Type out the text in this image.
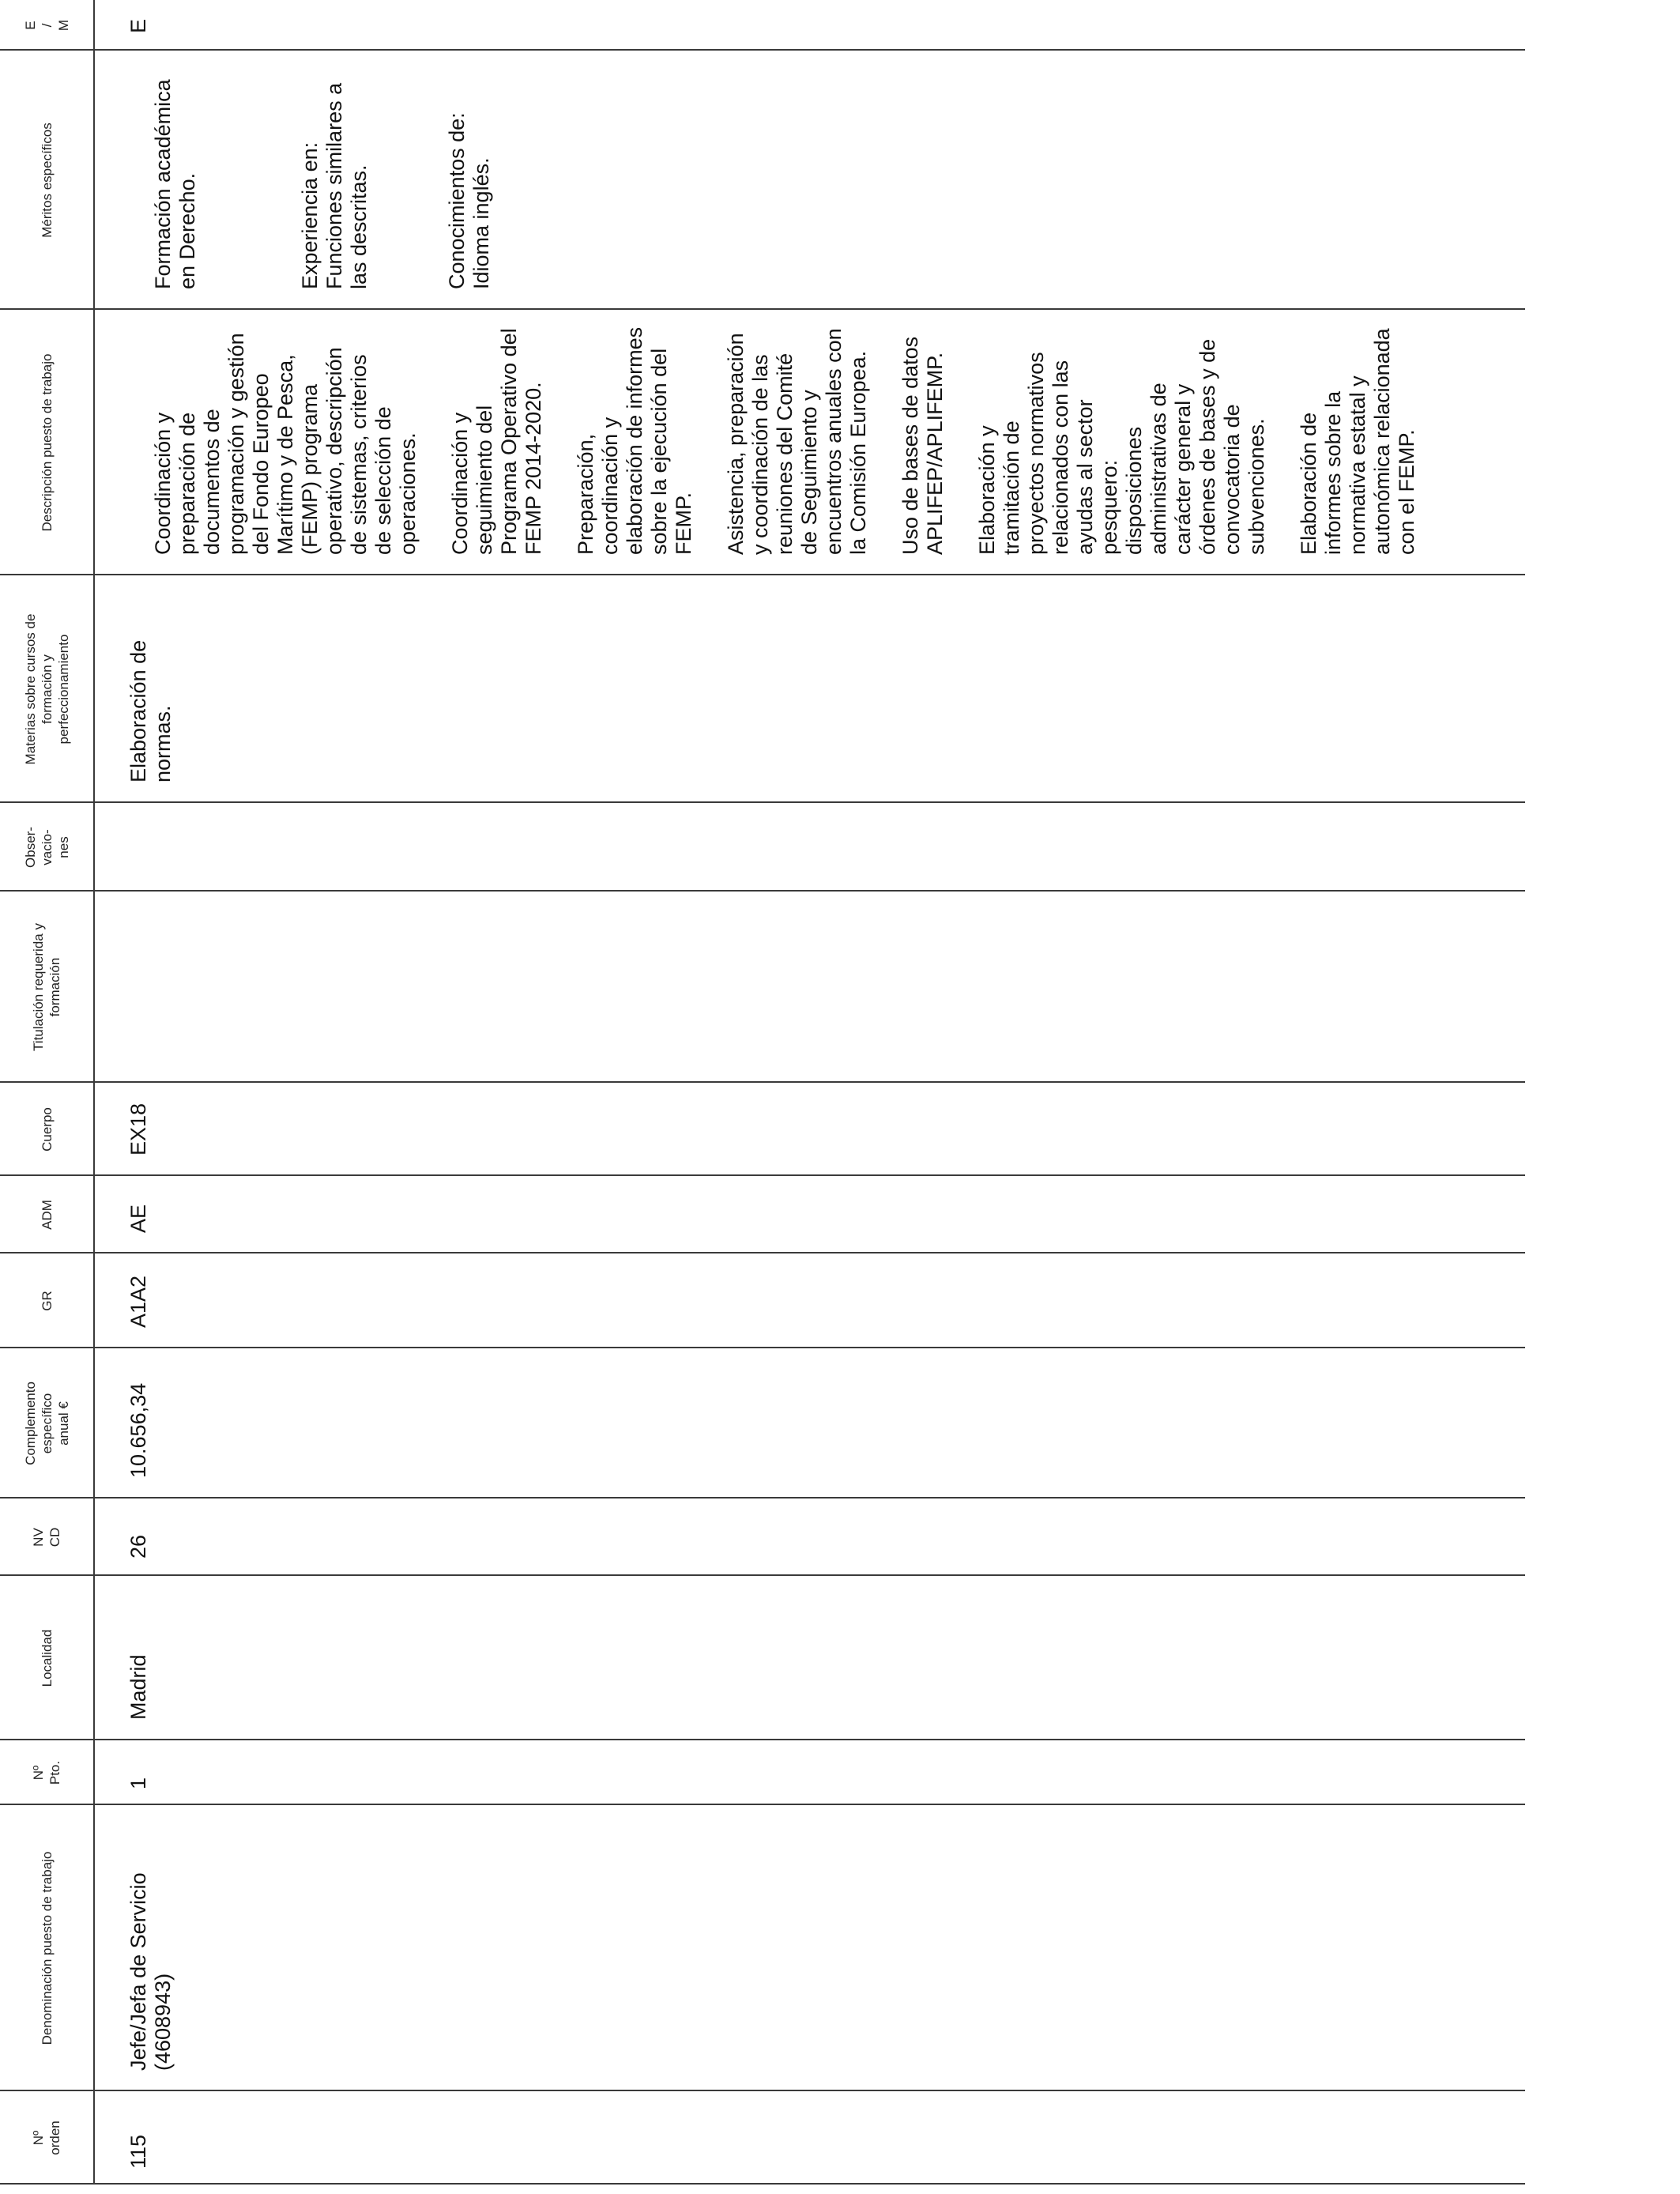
Nº
orden
Denominación puesto de trabajo
Nº
Pto.
Localidad
NV
CD
Complemento
específico
anual €
GR
ADM
Cuerpo
Titulación requerida y
formación
Obser-
vacio-
nes
Materias sobre cursos de
formación y
perfeccionamiento
Descripción puesto de trabajo
Méritos específicos
E
/
M
115
Jefe/Jefa de Servicio
(4608943)
1
Madrid
26
10.656,34
A1A2
AE
EX18
Elaboración de
normas.

Coordinación y
preparación de
documentos de
programación y gestión
del Fondo Europeo
Marítimo y de Pesca,
(FEMP) programa
operativo, descripción
de sistemas, criterios
de selección de
operaciones. Coordinación y
seguimiento del
Programa Operativo del
FEMP 2014-2020. Preparación,
coordinación y
elaboración de informes
sobre la ejecución del
FEMP. Asistencia, preparación
y coordinación de las
reuniones del Comité
de Seguimiento y
encuentros anuales con
la Comisión Europea.

Uso de bases de datos
APLIFEP/APLIFEMP. Elaboración y
tramitación de
proyectos normativos
relacionados con las
ayudas al sector
pesquero:
disposiciones
administrativas de
carácter general y
órdenes de bases y de
convocatoria de
subvenciones. Elaboración de
informes sobre la
normativa estatal y
autonómica relacionada
con el FEMP.

Formación académica
en Derecho.	Experiencia en:
Funciones similares a
las descritas.	Conocimientos de:
Idioma inglés.

E
